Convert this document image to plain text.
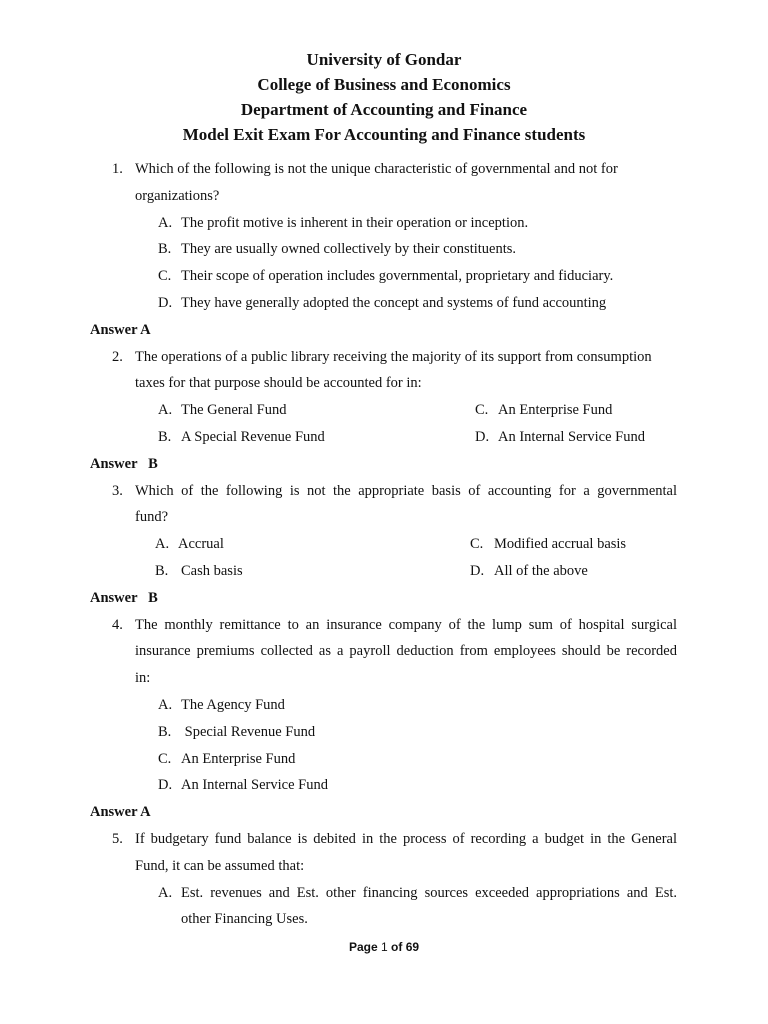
University of Gondar
College of Business and Economics
Department of Accounting and Finance
Model Exit Exam For Accounting and Finance students
1. Which of the following is not the unique characteristic of governmental and not for
organizations?
A. The profit motive is inherent in their operation or inception.
B. They are usually owned collectively by their constituents.
C. Their scope of operation includes governmental, proprietary and fiduciary.
D. They have generally adopted the concept and systems of fund accounting
Answer A
2. The operations of a public library receiving the majority of its support from consumption
taxes for that purpose should be accounted for in:
A. The General Fund	C. An Enterprise Fund
B. A Special Revenue Fund	D. An Internal Service Fund
Answer   B
3. Which of the following is not the appropriate basis of accounting for a governmental
fund?
A. Accrual	C. Modified accrual basis
B. Cash basis	D. All of the above
Answer   B
4. The monthly remittance to an insurance company of the lump sum of hospital surgical
insurance premiums collected as a payroll deduction from employees should be recorded
in:
A. The Agency Fund
B. Special Revenue Fund
C. An Enterprise Fund
D. An Internal Service Fund
Answer A
5. If budgetary fund balance is debited in the process of recording a budget in the General
Fund, it can be assumed that:
A. Est. revenues and Est. other financing sources exceeded appropriations and Est.
other Financing Uses.
Page 1 of 69
